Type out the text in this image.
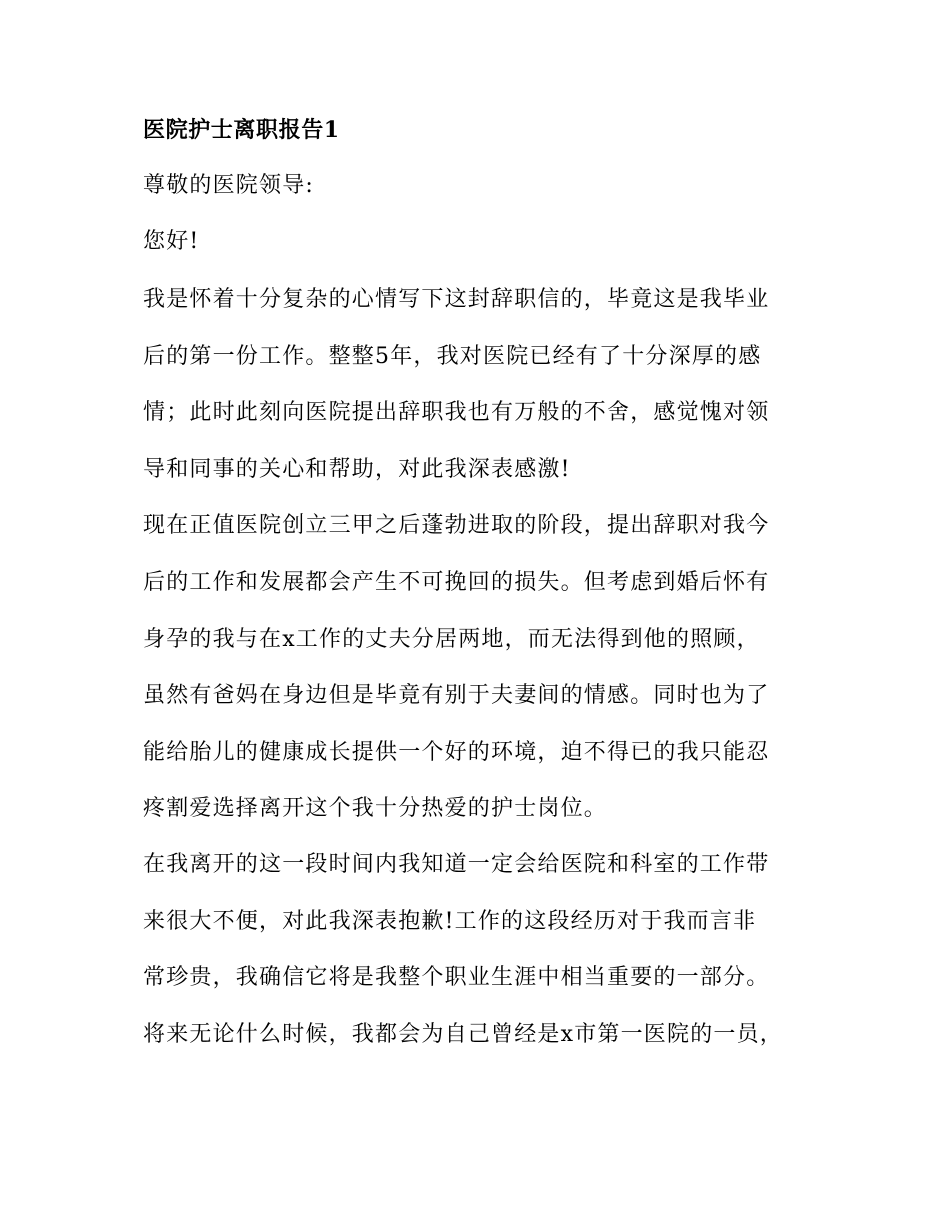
医院护士离职报告1
尊敬的医院领导:
您好!
我是怀着十分复杂的心情写下这封辞职信的，毕竟这是我毕业
后的第一份工作。整整5年，我对医院已经有了十分深厚的感
情；此时此刻向医院提出辞职我也有万般的不舍，感觉愧对领
导和同事的关心和帮助，对此我深表感激!
现在正值医院创立三甲之后蓬勃进取的阶段，提出辞职对我今
后的工作和发展都会产生不可挽回的损失。但考虑到婚后怀有
身孕的我与在x工作的丈夫分居两地，而无法得到他的照顾，
虽然有爸妈在身边但是毕竟有别于夫妻间的情感。同时也为了
能给胎儿的健康成长提供一个好的环境，迫不得已的我只能忍
疼割爱选择离开这个我十分热爱的护士岗位。
在我离开的这一段时间内我知道一定会给医院和科室的工作带
来很大不便，对此我深表抱歉!工作的这段经历对于我而言非
常珍贵，我确信它将是我整个职业生涯中相当重要的一部分。
将来无论什么时候，我都会为自己曾经是x市第一医院的一员，
